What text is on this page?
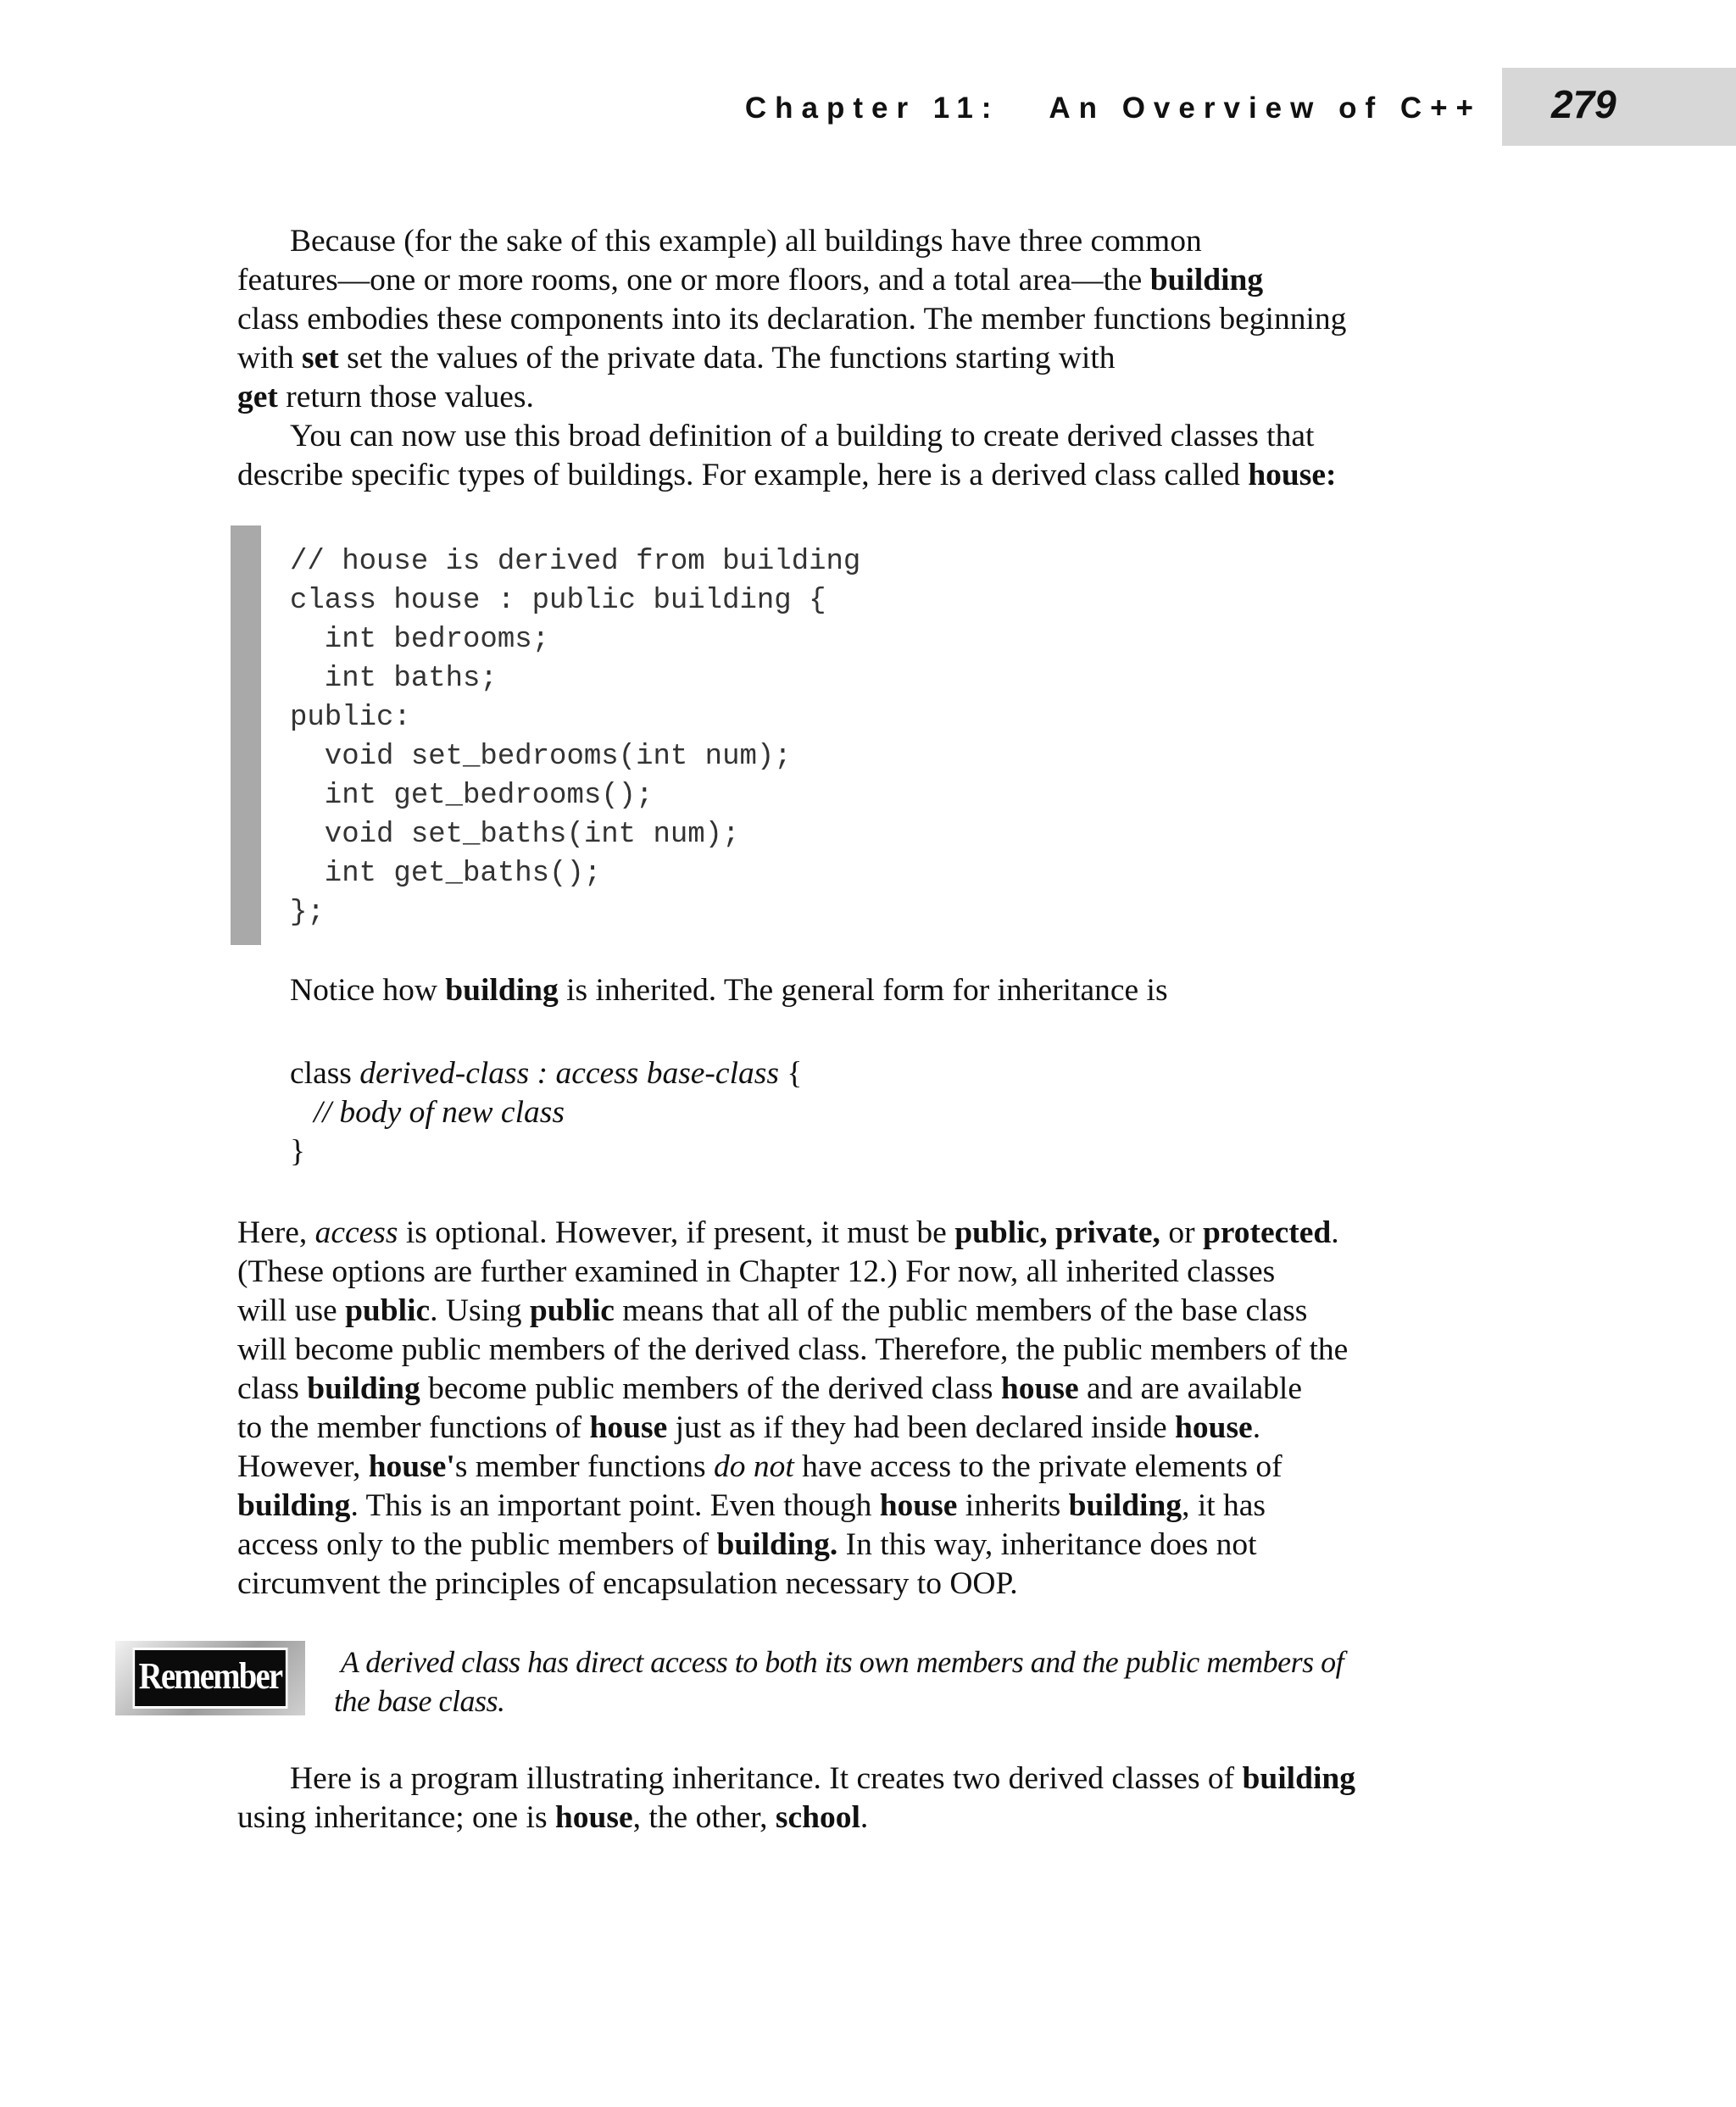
Chapter 11:   An Overview of C++ 279
Because (for the sake of this example) all buildings have three common
features—one or more rooms, one or more floors, and a total area—the building
class embodies these components into its declaration. The member functions beginning
with set set the values of the private data. The functions starting with
get return those values.
You can now use this broad definition of a building to create derived classes that
describe specific types of buildings. For example, here is a derived class called house:
// house is derived from building
class house : public building {
int bedrooms;
int baths;
public:
void set_bedrooms(int num);
int get_bedrooms();
void set_baths(int num);
int get_baths();
};
Notice how building is inherited. The general form for inheritance is
class derived-class : access base-class {
// body of new class
}
Here, access is optional. However, if present, it must be public, private, or protected.
(These options are further examined in Chapter 12.) For now, all inherited classes
will use public. Using public means that all of the public members of the base class
will become public members of the derived class. Therefore, the public members of the
class building become public members of the derived class house and are available
to the member functions of house just as if they had been declared inside house.
However, house's member functions do not have access to the private elements of
building. This is an important point. Even though house inherits building, it has
access only to the public members of building. In this way, inheritance does not
circumvent the principles of encapsulation necessary to OOP.
Remember A derived class has direct access to both its own members and the public members of
the base class.
Here is a program illustrating inheritance. It creates two derived classes of building
using inheritance; one is house, the other, school.
